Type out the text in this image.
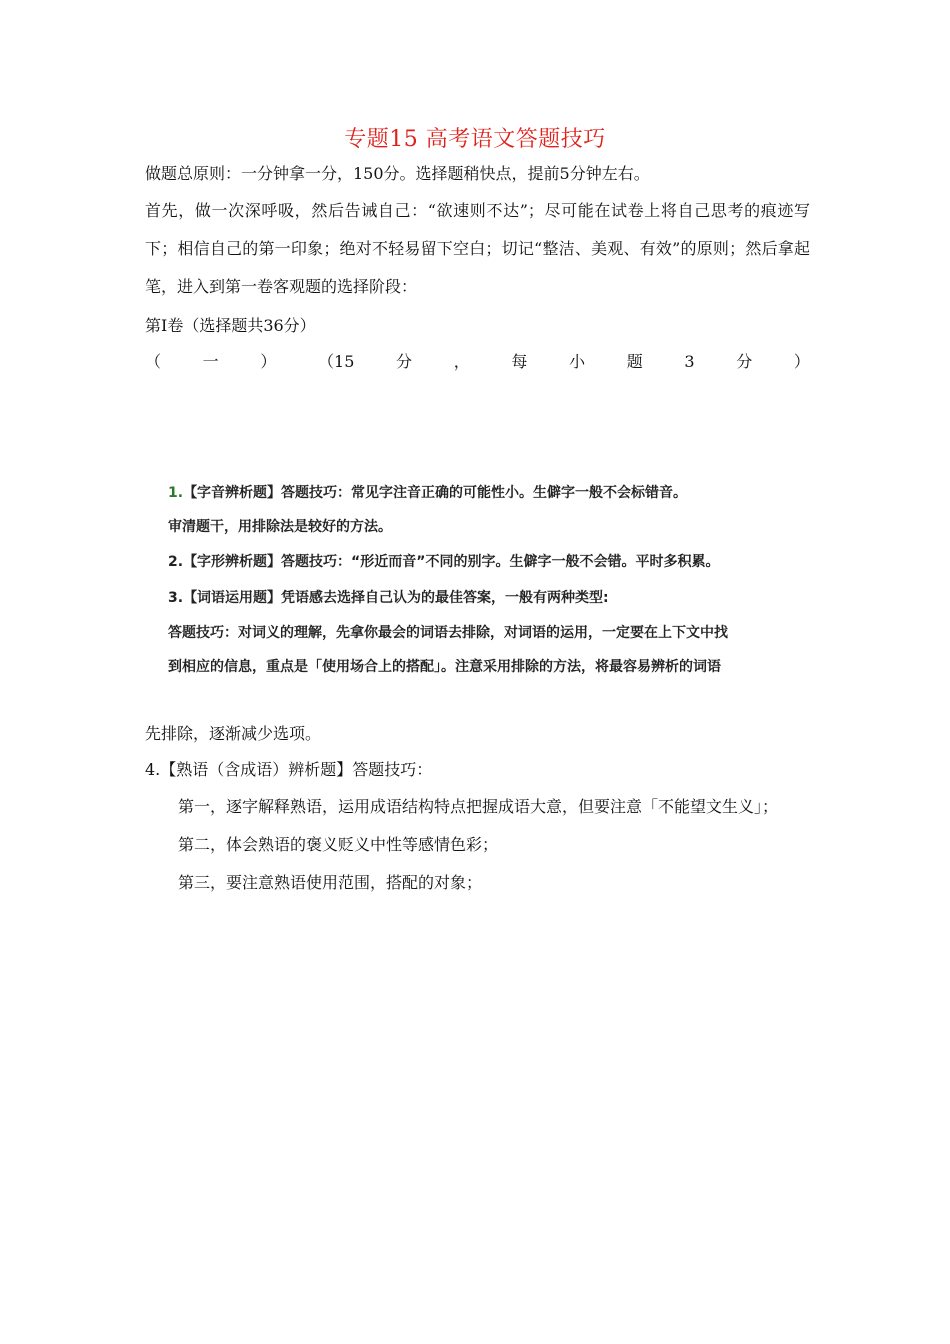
专题15 高考语文答题技巧
做题总原则：一分钟拿一分，150分。选择题稍快点，提前5分钟左右。
首先，做一次深呼吸，然后告诫自己：“欲速则不达”；尽可能在试卷上将自己思考的痕迹写下；相信自己的第一印象；绝对不轻易留下空白；切记“整洁、美观、有效”的原则；然后拿起笔，进入到第一卷客观题的选择阶段：
第Ⅰ卷（选择题共36分）
（	一	）	（15	分	，	每	小	题	3	分	）
1.【字音辨析题】答题技巧：常见字注音正确的可能性小。生僻字一般不会标错音。
审清题干，用排除法是较好的方法。
2.【字形辨析题】答题技巧：“形近而音”不同的别字。生僻字一般不会错。平时多积累。
3.【词语运用题】凭语感去选择自己认为的最佳答案，一般有两种类型:
答题技巧：对词义的理解，先拿你最会的词语去排除，对词语的运用，一定要在上下文中找
到相应的信息，重点是「使用场合上的搭配」。注意采用排除的方法，将最容易辨析的词语
先排除，逐渐减少选项。
4.【熟语（含成语）辨析题】答题技巧：
第一，逐字解释熟语，运用成语结构特点把握成语大意，但要注意「不能望文生义」；
第二，体会熟语的褒义贬义中性等感情色彩；
第三，要注意熟语使用范围，搭配的对象；
